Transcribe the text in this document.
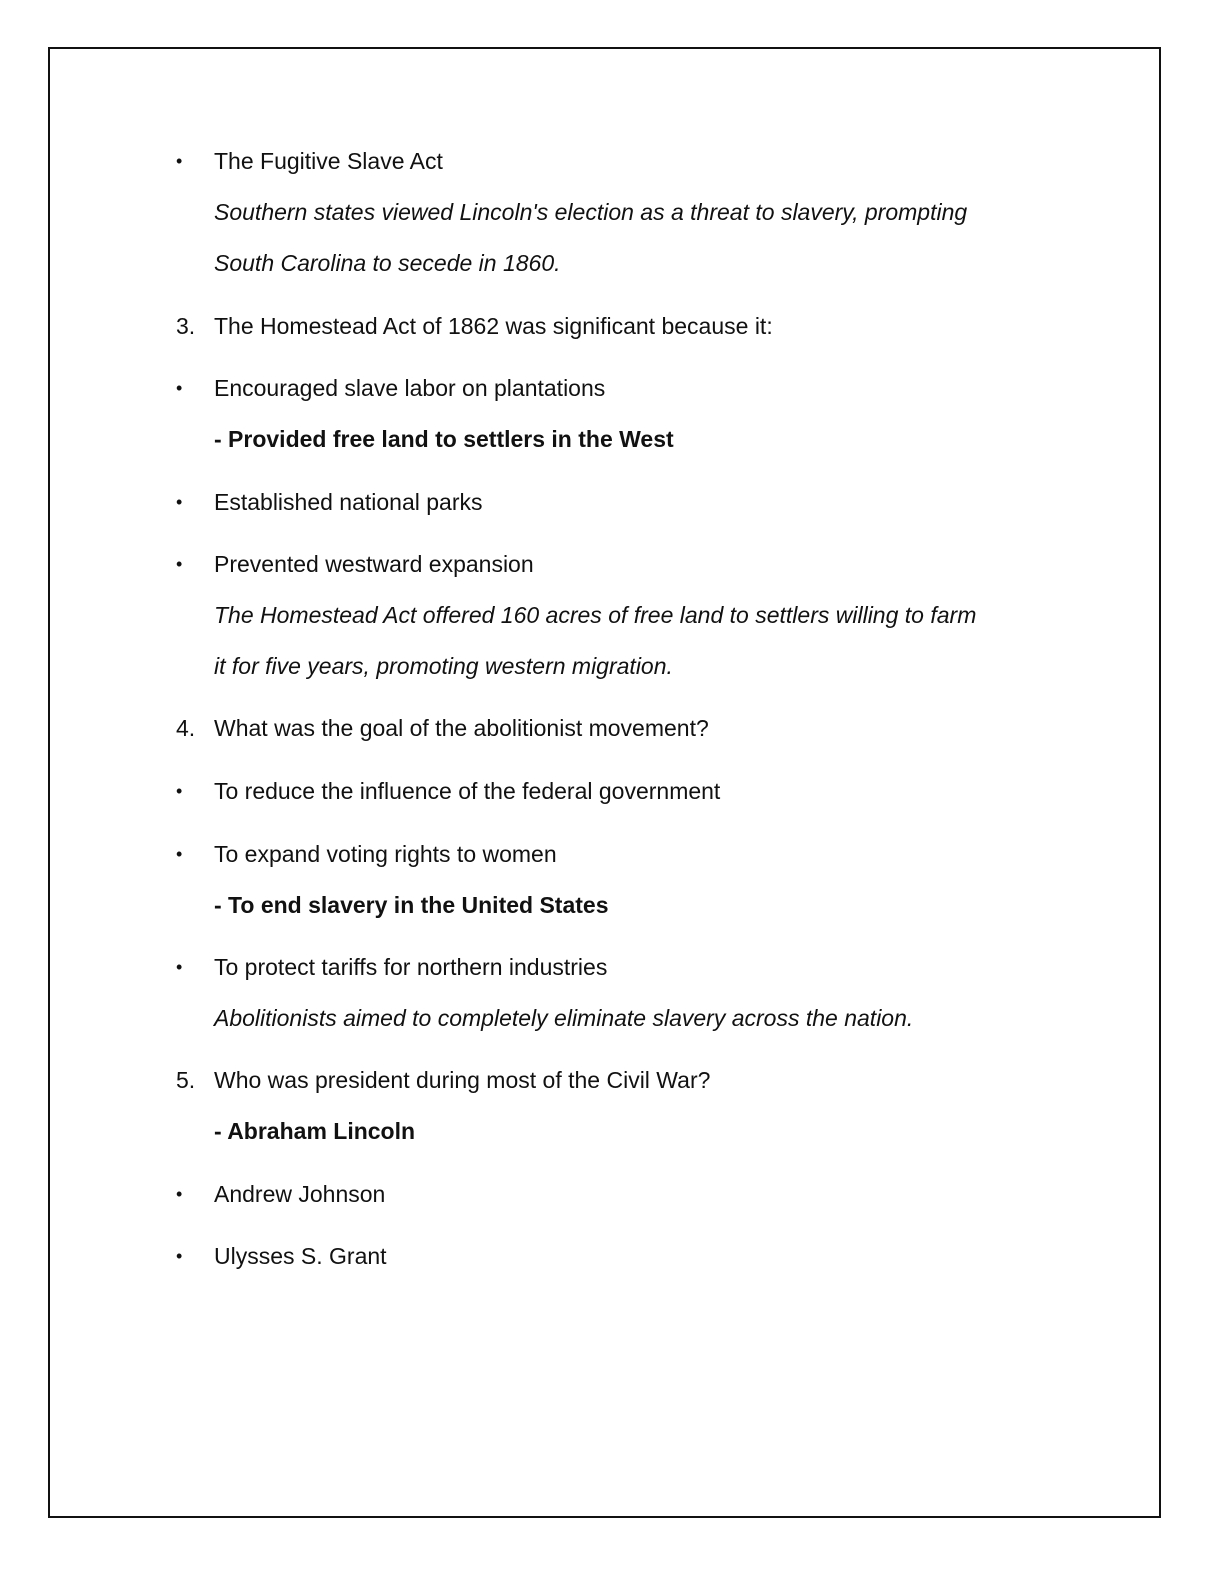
• The Fugitive Slave Act
Southern states viewed Lincoln's election as a threat to slavery, prompting
South Carolina to secede in 1860.
3. The Homestead Act of 1862 was significant because it:
• Encouraged slave labor on plantations
- Provided free land to settlers in the West
• Established national parks
• Prevented westward expansion
The Homestead Act offered 160 acres of free land to settlers willing to farm
it for five years, promoting western migration.
4. What was the goal of the abolitionist movement?
• To reduce the influence of the federal government
• To expand voting rights to women
- To end slavery in the United States
• To protect tariffs for northern industries
Abolitionists aimed to completely eliminate slavery across the nation.
5. Who was president during most of the Civil War?
- Abraham Lincoln
• Andrew Johnson
• Ulysses S. Grant
